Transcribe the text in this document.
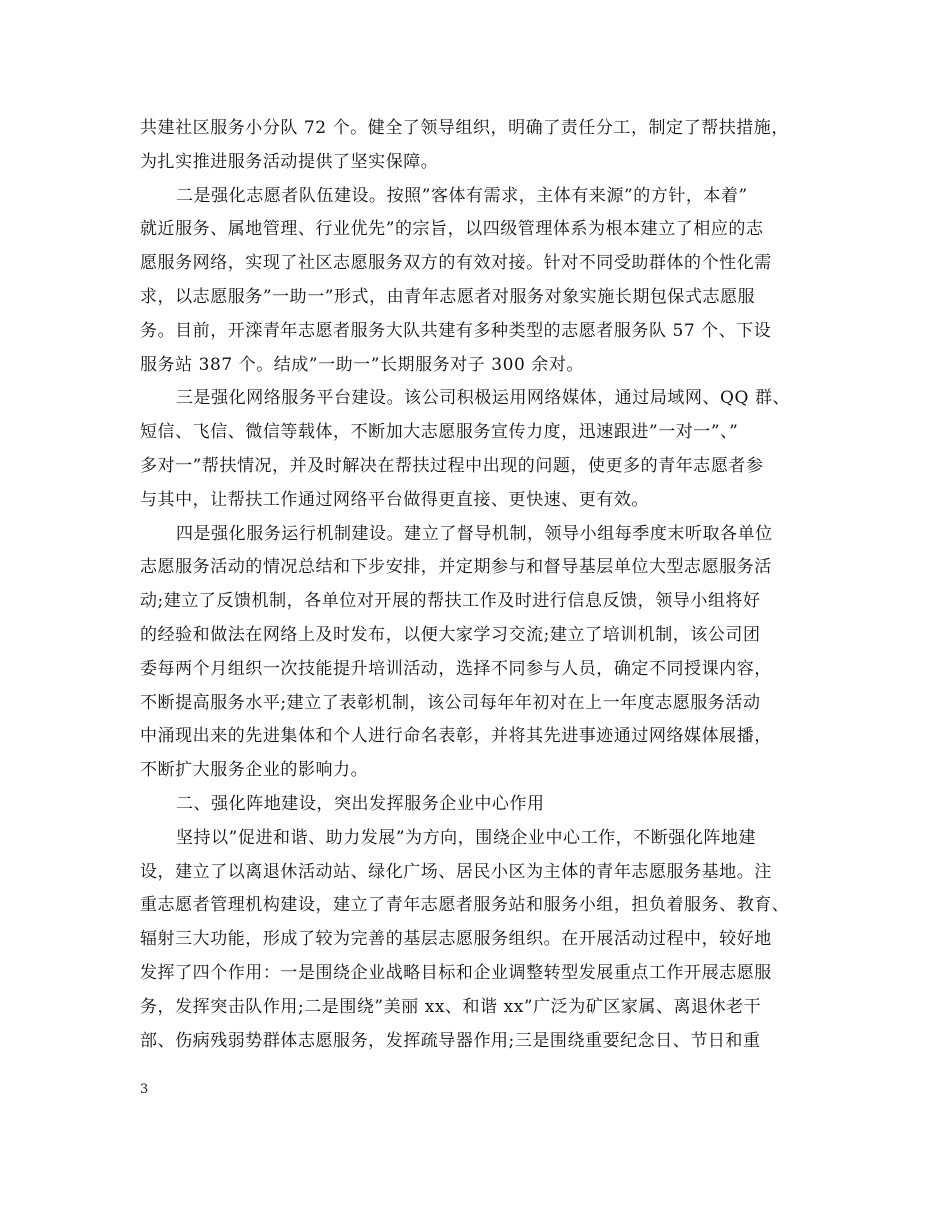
共建社区服务小分队 72 个。健全了领导组织，明确了责任分工，制定了帮扶措施，
为扎实推进服务活动提供了坚实保障。
二是强化志愿者队伍建设。按照”客体有需求，主体有来源”的方针，本着”
就近服务、属地管理、行业优先”的宗旨，以四级管理体系为根本建立了相应的志
愿服务网络，实现了社区志愿服务双方的有效对接。针对不同受助群体的个性化需
求，以志愿服务”一助一”形式，由青年志愿者对服务对象实施长期包保式志愿服
务。目前，开滦青年志愿者服务大队共建有多种类型的志愿者服务队 57 个、下设
服务站 387 个。结成”一助一”长期服务对子 300 余对。
三是强化网络服务平台建设。该公司积极运用网络媒体，通过局域网、QQ 群、
短信、飞信、微信等载体，不断加大志愿服务宣传力度，迅速跟进”一对一”、”
多对一”帮扶情况，并及时解决在帮扶过程中出现的问题，使更多的青年志愿者参
与其中，让帮扶工作通过网络平台做得更直接、更快速、更有效。
四是强化服务运行机制建设。建立了督导机制，领导小组每季度末听取各单位
志愿服务活动的情况总结和下步安排，并定期参与和督导基层单位大型志愿服务活
动;建立了反馈机制，各单位对开展的帮扶工作及时进行信息反馈，领导小组将好
的经验和做法在网络上及时发布，以便大家学习交流;建立了培训机制，该公司团
委每两个月组织一次技能提升培训活动，选择不同参与人员，确定不同授课内容，
不断提高服务水平;建立了表彰机制，该公司每年年初对在上一年度志愿服务活动
中涌现出来的先进集体和个人进行命名表彰，并将其先进事迹通过网络媒体展播，
不断扩大服务企业的影响力。
二、强化阵地建设，突出发挥服务企业中心作用
坚持以”促进和谐、助力发展”为方向，围绕企业中心工作，不断强化阵地建
设，建立了以离退休活动站、绿化广场、居民小区为主体的青年志愿服务基地。注
重志愿者管理机构建设，建立了青年志愿者服务站和服务小组，担负着服务、教育、
辐射三大功能，形成了较为完善的基层志愿服务组织。在开展活动过程中，较好地
发挥了四个作用：一是围绕企业战略目标和企业调整转型发展重点工作开展志愿服
务，发挥突击队作用;二是围绕”美丽 xx、和谐 xx”广泛为矿区家属、离退休老干
部、伤病残弱势群体志愿服务，发挥疏导器作用;三是围绕重要纪念日、节日和重
3
